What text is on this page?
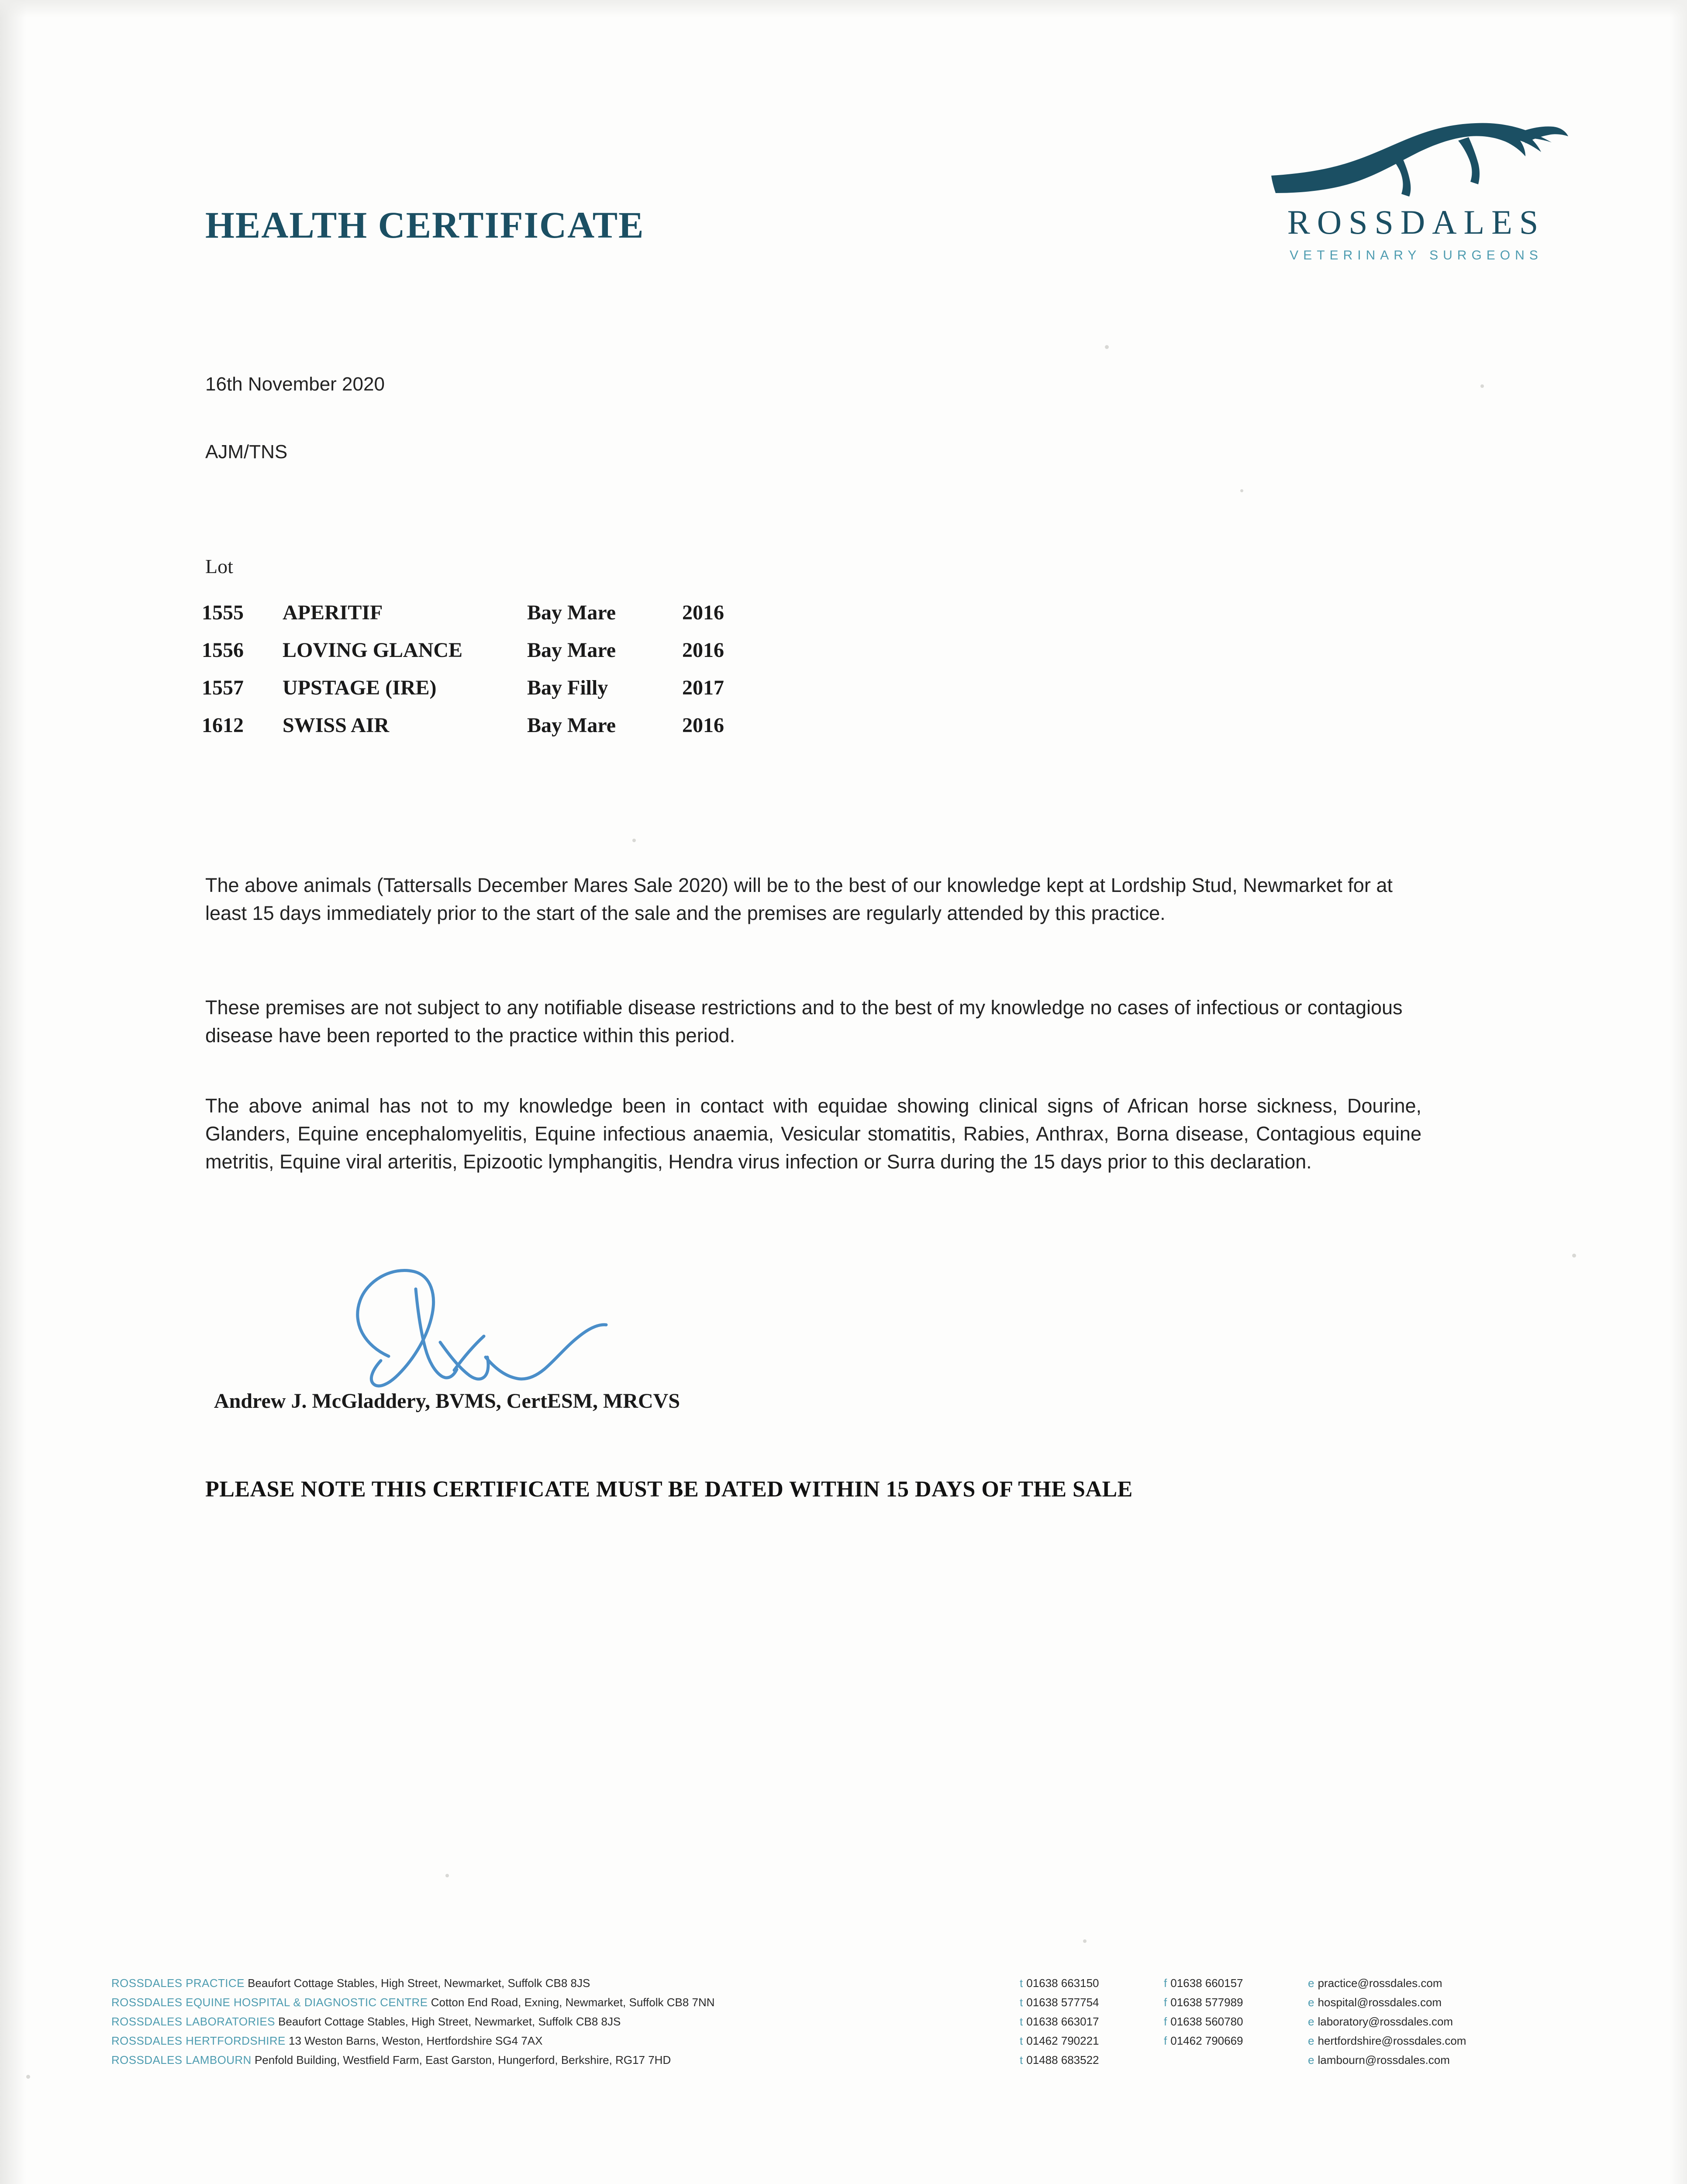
HEALTH CERTIFICATE	ROSSDALES
VETERINARY SURGEONS
16th November 2020
AJM/TNS
Lot
1555	APERITIF	Bay Mare	2016
1556	LOVING GLANCE	Bay Mare	2016
1557	UPSTAGE (IRE)	Bay Filly	2017
1612	SWISS AIR	Bay Mare	2016
The above animals (Tattersalls December Mares Sale 2020) will be to the best of our knowledge kept at Lordship Stud, Newmarket for at least 15 days immediately prior to the start of the sale and the premises are regularly attended by this practice.
These premises are not subject to any notifiable disease restrictions and to the best of my knowledge no cases of infectious or contagious disease have been reported to the practice within this period.
The above animal has not to my knowledge been in contact with equidae showing clinical signs of African horse sickness, Dourine, Glanders, Equine encephalomyelitis, Equine infectious anaemia, Vesicular stomatitis, Rabies, Anthrax, Borna disease, Contagious equine metritis, Equine viral arteritis, Epizootic lymphangitis, Hendra virus infection or Surra during the 15 days prior to this declaration.
Andrew J. McGladdery, BVMS, CertESM, MRCVS
PLEASE NOTE THIS CERTIFICATE MUST BE DATED WITHIN 15 DAYS OF THE SALE
ROSSDALES PRACTICE Beaufort Cottage Stables, High Street, Newmarket, Suffolk CB8 8JS	t 01638 663150	f 01638 660157	e practice@rossdales.com
ROSSDALES EQUINE HOSPITAL & DIAGNOSTIC CENTRE Cotton End Road, Exning, Newmarket, Suffolk CB8 7NN	t 01638 577754	f 01638 577989	e hospital@rossdales.com
ROSSDALES LABORATORIES Beaufort Cottage Stables, High Street, Newmarket, Suffolk CB8 8JS	t 01638 663017	f 01638 560780	e laboratory@rossdales.com
ROSSDALES HERTFORDSHIRE 13 Weston Barns, Weston, Hertfordshire SG4 7AX	t 01462 790221	f 01462 790669	e hertfordshire@rossdales.com
ROSSDALES LAMBOURN Penfold Building, Westfield Farm, East Garston, Hungerford, Berkshire, RG17 7HD	t 01488 683522	e lambourn@rossdales.com
